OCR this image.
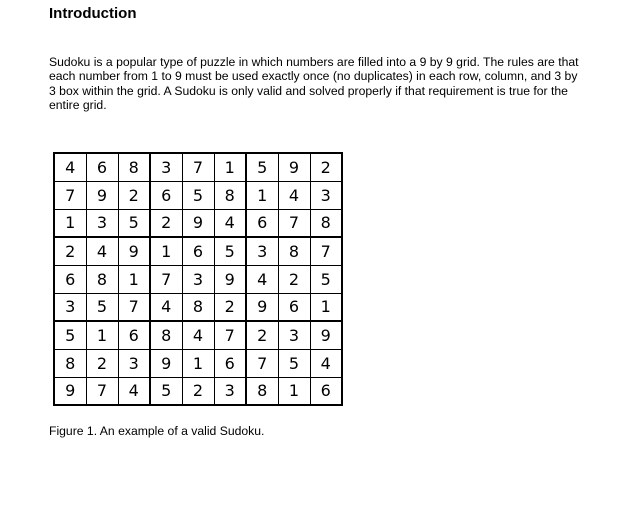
Introduction

Sudoku is a popular type of puzzle in which numbers are filled into a 9 by 9 grid. The rules are that each number from 1 to 9 must be used exactly once (no duplicates) in each row, column, and 3 by 3 box within the grid. A Sudoku is only valid and solved properly if that requirement is true for the entire grid.

4	6	8	3	7	1	5	9	2
7	9	2	6	5	8	1	4	3
1	3	5	2	9	4	6	7	8
2	4	9	1	6	5	3	8	7
6	8	1	7	3	9	4	2	5
3	5	7	4	8	2	9	6	1
5	1	6	8	4	7	2	3	9
8	2	3	9	1	6	7	5	4
9	7	4	5	2	3	8	1	6

Figure 1. An example of a valid Sudoku.
